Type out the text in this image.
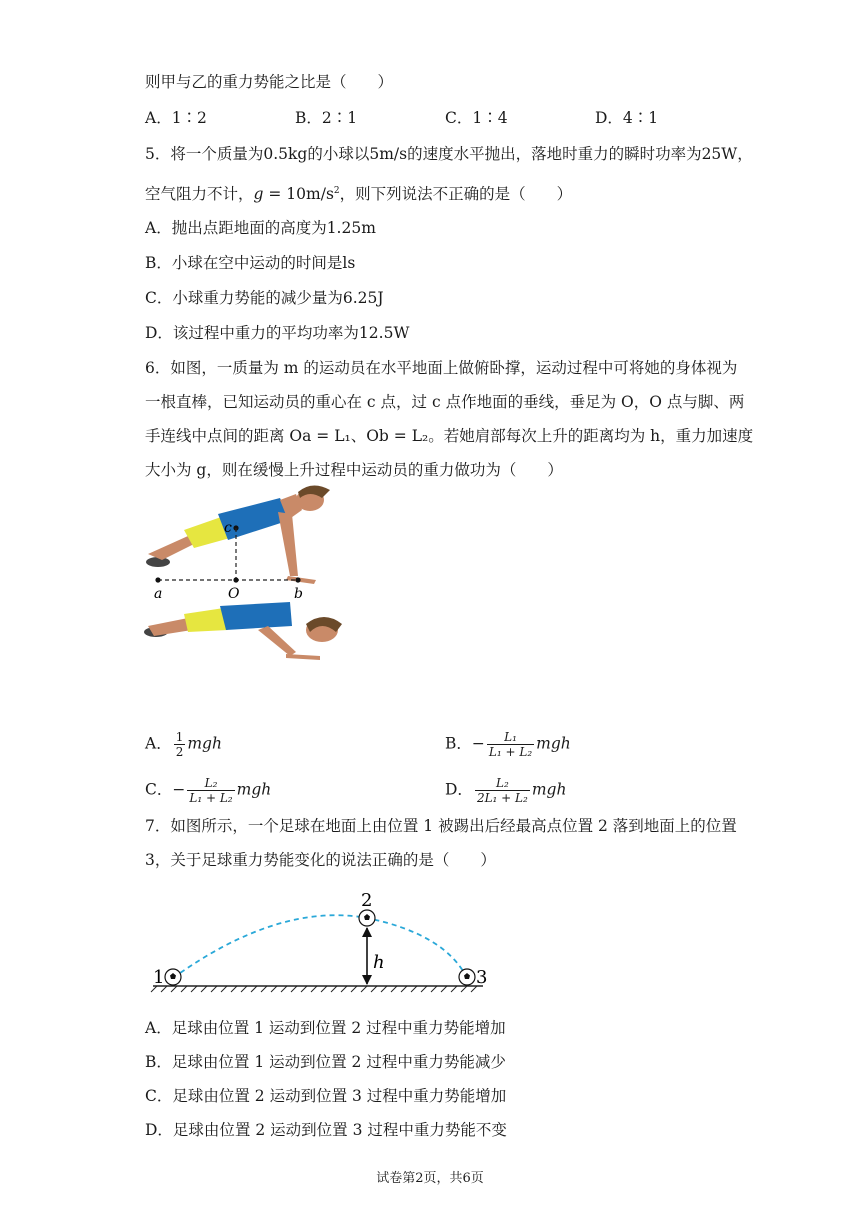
则甲与乙的重力势能之比是（　　）
A．1∶2	B．2∶1	C．1∶4	D．4∶1
5．将一个质量为0.5kg的小球以5m/s的速度水平抛出，落地时重力的瞬时功率为25W，
空气阻力不计，$g = 10m/s^2$，则下列说法不正确的是（　　）
A．抛出点距地面的高度为1.25m
B．小球在空中运动的时间是ls
C．小球重力势能的减少量为6.25J
D．该过程中重力的平均功率为12.5W
6．如图，一质量为 m 的运动员在水平地面上做俯卧撑，运动过程中可将她的身体视为
一根直棒，已知运动员的重心在 c 点，过 c 点作地面的垂线，垂足为 O，O 点与脚、两
手连线中点间的距离 Oa = L₁、Ob = L₂。若她肩部每次上升的距离均为 h，重力加速度
大小为 g，则在缓慢上升过程中运动员的重力做功为（　　）
c
a	O	b
A． $\frac{1}{2}$ mgh	B．− $\frac{\text{L₁}}{\text{L₁ + L₂}}$ mgh
C．− $\frac{\text{L₂}}{\text{L₁ + L₂}}$ mgh	D． $\frac{\text{L₂}}{\text{2L₁ + L₂}}$ mgh
7．如图所示，一个足球在地面上由位置 1 被踢出后经最高点位置 2 落到地面上的位置
3，关于足球重力势能变化的说法正确的是（　　）
1
2
3
h
A．足球由位置 1 运动到位置 2 过程中重力势能增加
B．足球由位置 1 运动到位置 2 过程中重力势能减少
C．足球由位置 2 运动到位置 3 过程中重力势能增加
D．足球由位置 2 运动到位置 3 过程中重力势能不变
试卷第2页，共6页
